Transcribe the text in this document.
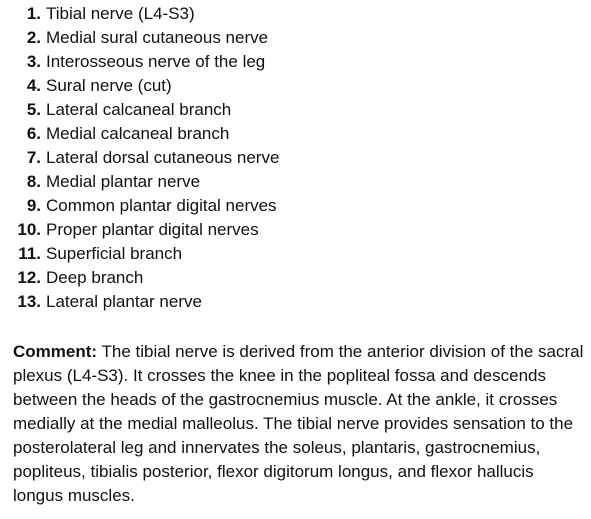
1. Tibial nerve (L4-S3)
2. Medial sural cutaneous nerve
3. Interosseous nerve of the leg
4. Sural nerve (cut)
5. Lateral calcaneal branch
6. Medial calcaneal branch
7. Lateral dorsal cutaneous nerve
8. Medial plantar nerve
9. Common plantar digital nerves
10. Proper plantar digital nerves
11. Superficial branch
12. Deep branch
13. Lateral plantar nerve

Comment: The tibial nerve is derived from the anterior division of the sacral plexus (L4-S3). It crosses the knee in the popliteal fossa and descends between the heads of the gastrocnemius muscle. At the ankle, it crosses medially at the medial malleolus. The tibial nerve provides sensation to the posterolateral leg and innervates the soleus, plantaris, gastrocnemius, popliteus, tibialis posterior, flexor digitorum longus, and flexor hallucis longus muscles.
